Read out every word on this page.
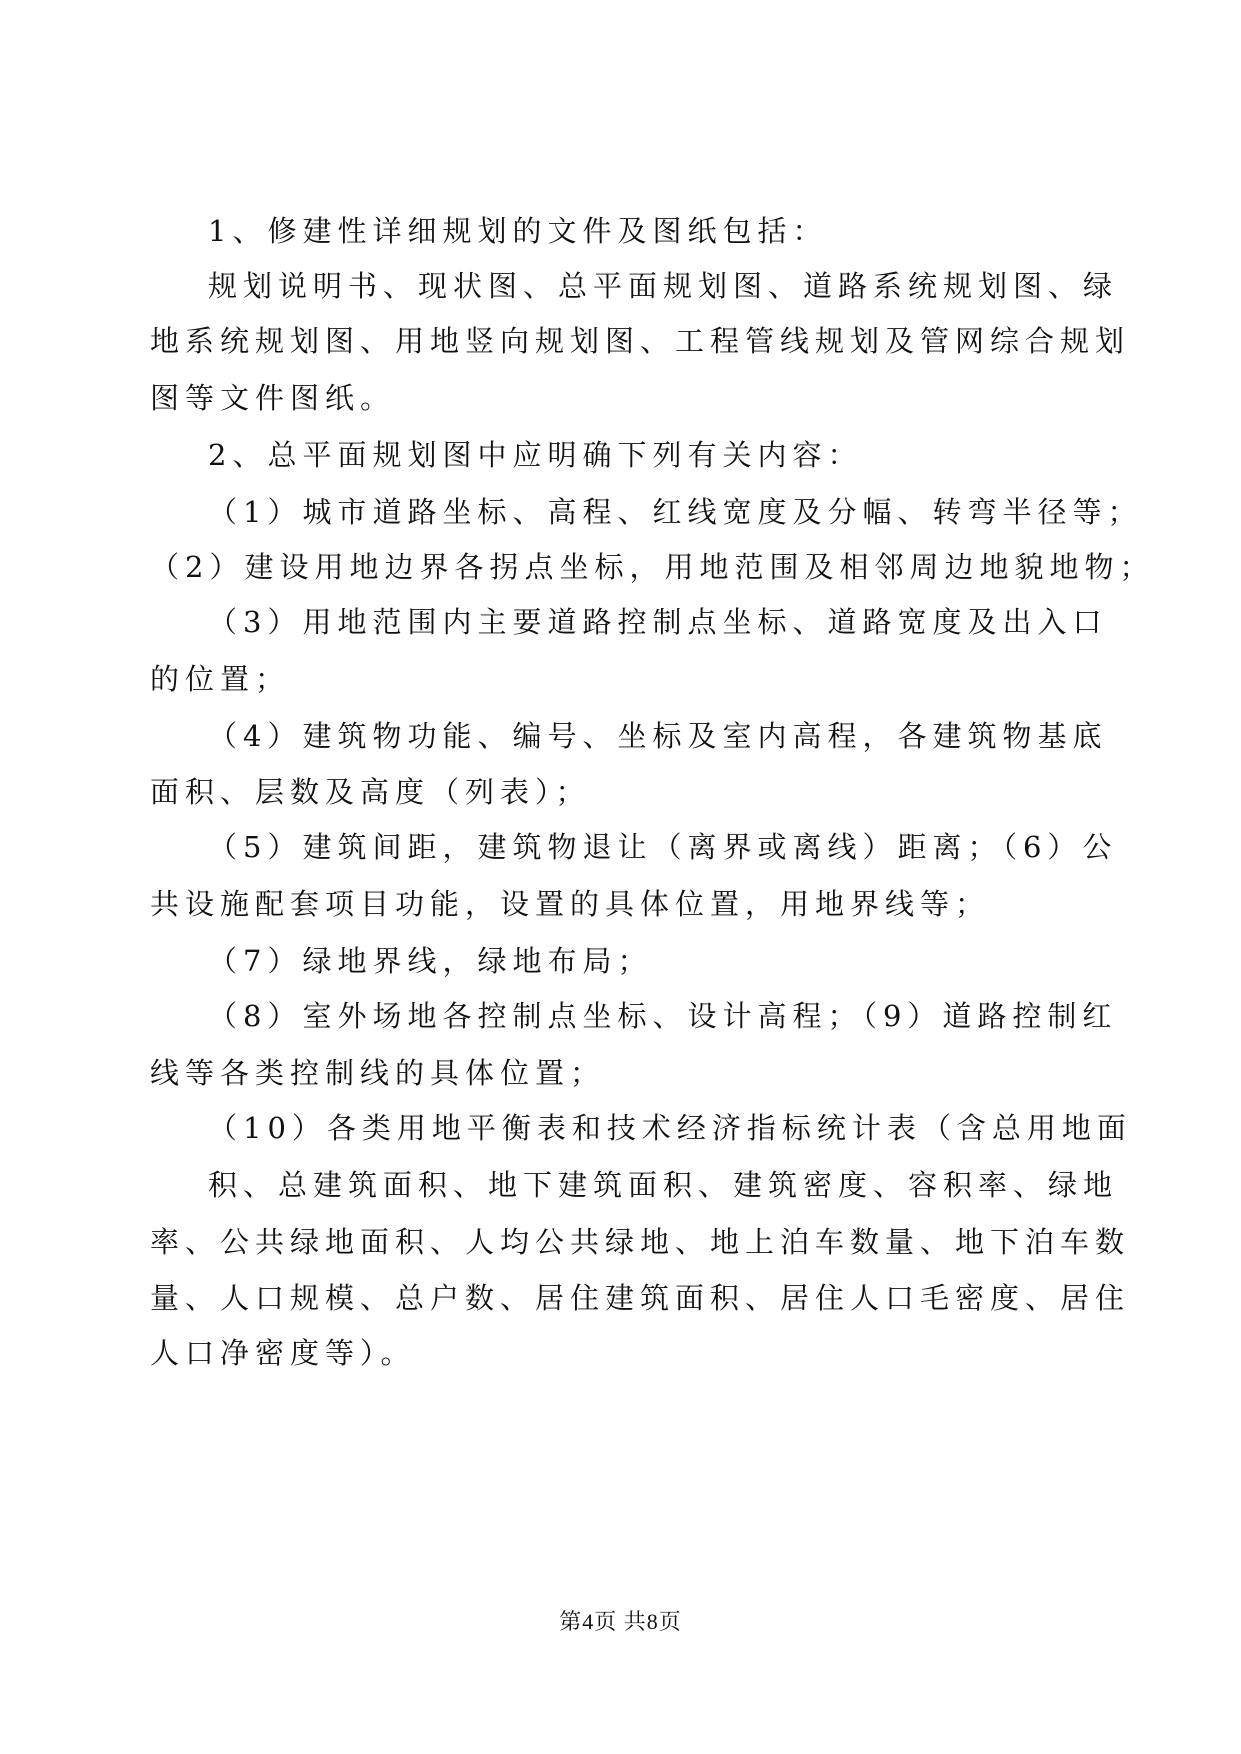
1、修建性详细规划的文件及图纸包括：
规划说明书、现状图、总平面规划图、道路系统规划图、绿
地系统规划图、用地竖向规划图、工程管线规划及管网综合规划
图等文件图纸。
2、总平面规划图中应明确下列有关内容：
（1）城市道路坐标、高程、红线宽度及分幅、转弯半径等；
（2）建设用地边界各拐点坐标，用地范围及相邻周边地貌地物；
（3）用地范围内主要道路控制点坐标、道路宽度及出入口
的位置；
（4）建筑物功能、编号、坐标及室内高程，各建筑物基底
面积、层数及高度（列表）；
（5）建筑间距，建筑物退让（离界或离线）距离；（6）公
共设施配套项目功能，设置的具体位置，用地界线等；
（7）绿地界线，绿地布局；
（8）室外场地各控制点坐标、设计高程；（9）道路控制红
线等各类控制线的具体位置；
（10）各类用地平衡表和技术经济指标统计表（含总用地面
积、总建筑面积、地下建筑面积、建筑密度、容积率、绿地
率、公共绿地面积、人均公共绿地、地上泊车数量、地下泊车数
量、人口规模、总户数、居住建筑面积、居住人口毛密度、居住
人口净密度等）。
第4页 共8页
